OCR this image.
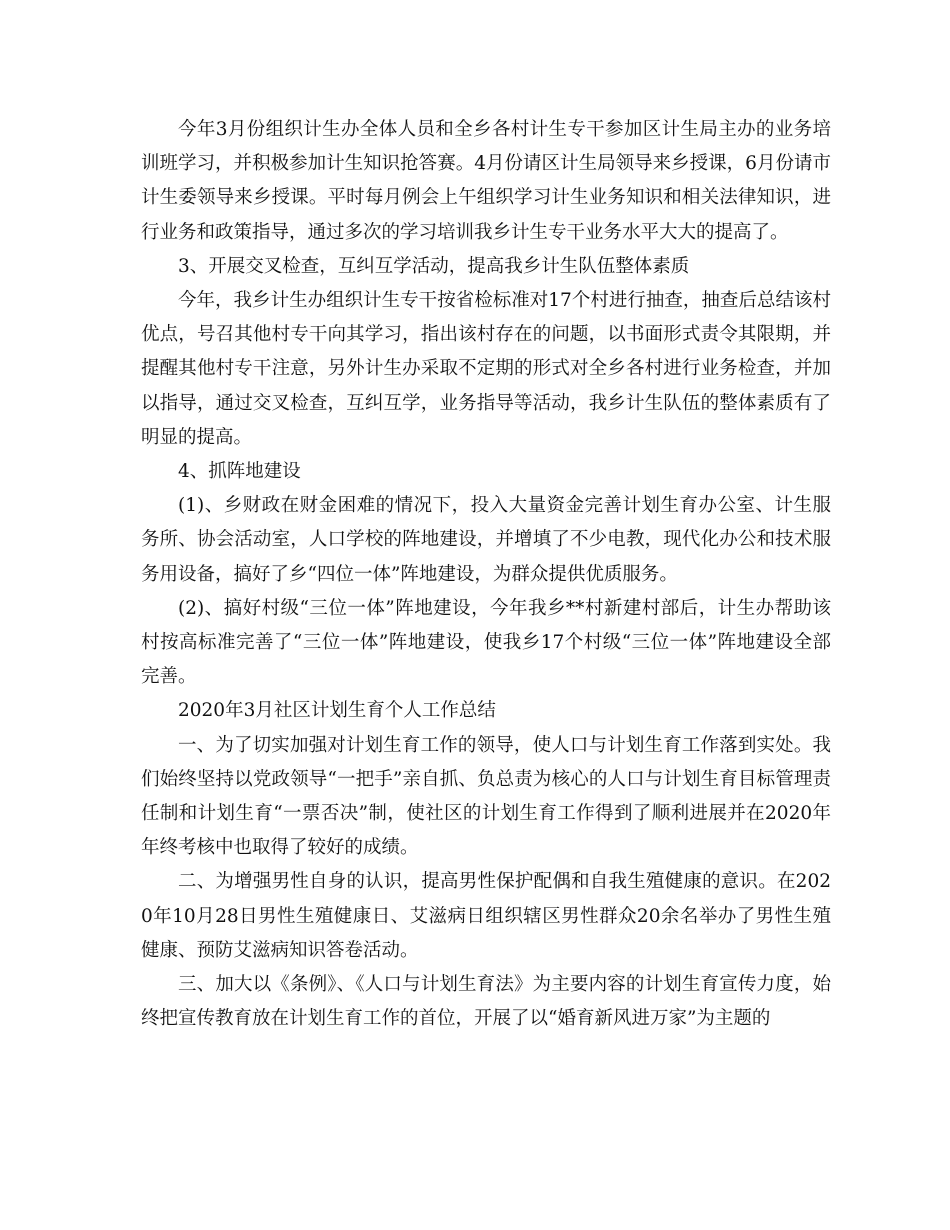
今年3月份组织计生办全体人员和全乡各村计生专干参加区计生局主办的业务培训班学习，并积极参加计生知识抢答赛。4月份请区计生局领导来乡授课，6月份请市计生委领导来乡授课。平时每月例会上午组织学习计生业务知识和相关法律知识，进行业务和政策指导，通过多次的学习培训我乡计生专干业务水平大大的提高了。

3、开展交叉检查，互纠互学活动，提高我乡计生队伍整体素质

今年，我乡计生办组织计生专干按省检标准对17个村进行抽查，抽查后总结该村优点，号召其他村专干向其学习，指出该村存在的问题，以书面形式责令其限期，并提醒其他村专干注意，另外计生办采取不定期的形式对全乡各村进行业务检查，并加以指导，通过交叉检查，互纠互学，业务指导等活动，我乡计生队伍的整体素质有了明显的提高。

4、抓阵地建设

(1)、乡财政在财金困难的情况下，投入大量资金完善计划生育办公室、计生服务所、协会活动室，人口学校的阵地建设，并增填了不少电教，现代化办公和技术服务用设备，搞好了乡“四位一体”阵地建设，为群众提供优质服务。

(2)、搞好村级“三位一体”阵地建设，今年我乡**村新建村部后，计生办帮助该村按高标准完善了“三位一体”阵地建设，使我乡17个村级“三位一体”阵地建设全部完善。

2020年3月社区计划生育个人工作总结

一、为了切实加强对计划生育工作的领导，使人口与计划生育工作落到实处。我们始终坚持以党政领导“一把手”亲自抓、负总责为核心的人口与计划生育目标管理责任制和计划生育“一票否决”制，使社区的计划生育工作得到了顺利进展并在2020年年终考核中也取得了较好的成绩。

二、为增强男性自身的认识，提高男性保护配偶和自我生殖健康的意识。在2020年10月28日男性生殖健康日、艾滋病日组织辖区男性群众20余名举办了男性生殖健康、预防艾滋病知识答卷活动。

三、加大以《条例》、《人口与计划生育法》为主要内容的计划生育宣传力度，始终把宣传教育放在计划生育工作的首位，开展了以“婚育新风进万家”为主题的
